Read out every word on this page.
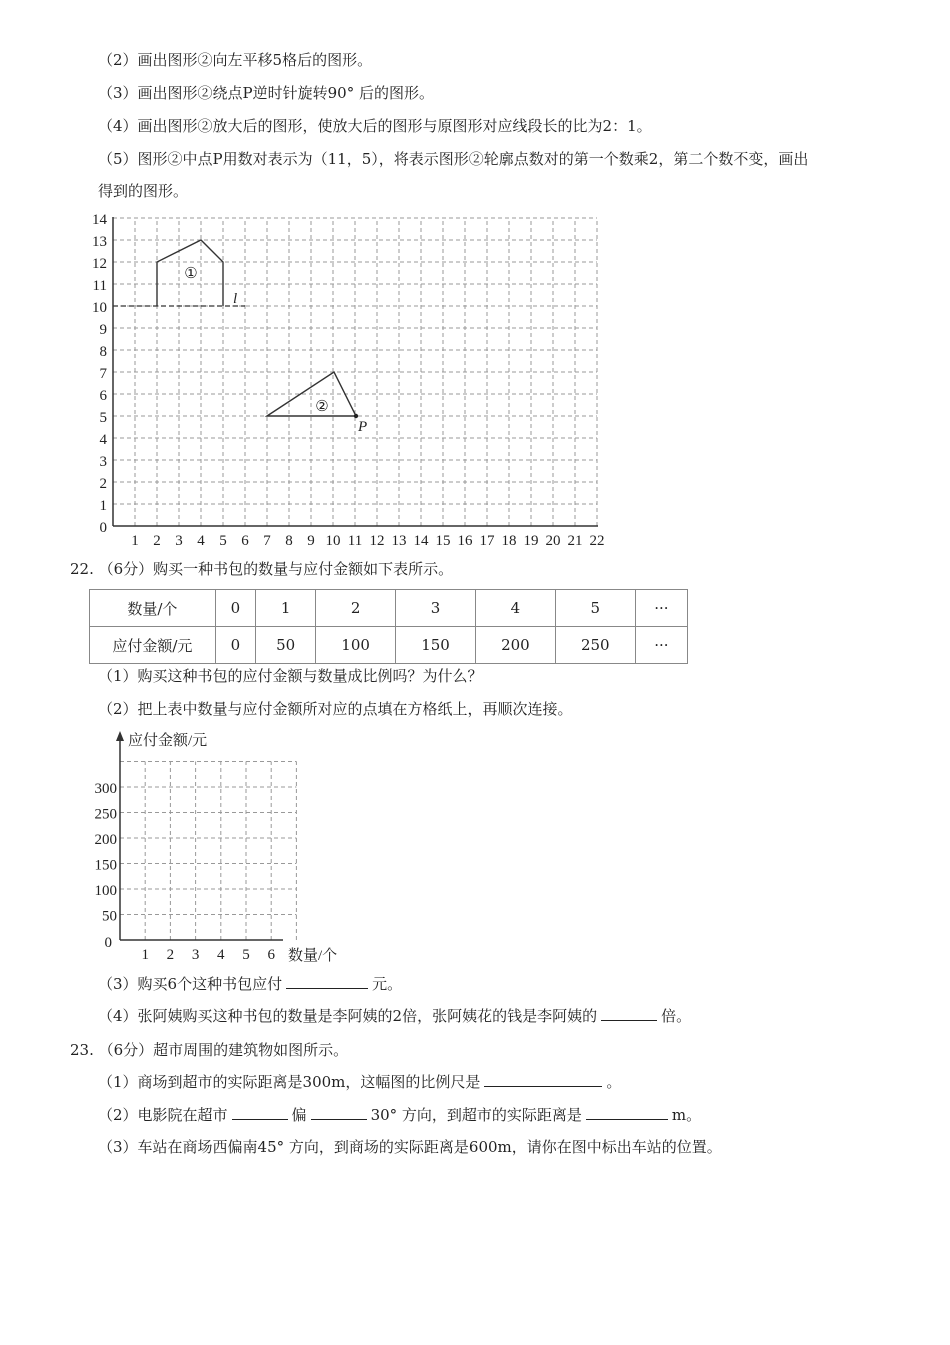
（2）画出图形②向左平移5格后的图形。
（3）画出图形②绕点P逆时针旋转90° 后的图形。
（4）画出图形②放大后的图形，使放大后的图形与原图形对应线段长的比为2：1。
（5）图形②中点P用数对表示为（11，5），将表示图形②轮廓点数对的第一个数乘2，第二个数不变，画出
得到的图形。
1 2 3 4 5 6 7 8 9 10 11 12 13 14 15 16 17 18 19 20 21 22
0
1
2
3
4
5
6
7
8
9
10
11
12
13
14
①
②
l
P
22. （6分）购买一种书包的数量与应付金额如下表所示。
数量/个	0	1	2	3	4	5	···
应付金额/元	0	50	100	150	200	250	···
（1）购买这种书包的应付金额与数量成比例吗？为什么？
（2）把上表中数量与应付金额所对应的点填在方格纸上，再顺次连接。
1 2 3 4 5 6
300
250
200
150
100
50
应付金额/元
数量/个
0
（3）购买6个这种书包应付	元。
（4）张阿姨购买这种书包的数量是李阿姨的2倍，张阿姨花的钱是李阿姨的	倍。
23. （6分）超市周围的建筑物如图所示。
（1）商场到超市的实际距离是300m，这幅图的比例尺是	。
（2）电影院在超市	偏	30° 方向，到超市的实际距离是	m。
（3）车站在商场西偏南45° 方向，到商场的实际距离是600m，请你在图中标出车站的位置。
